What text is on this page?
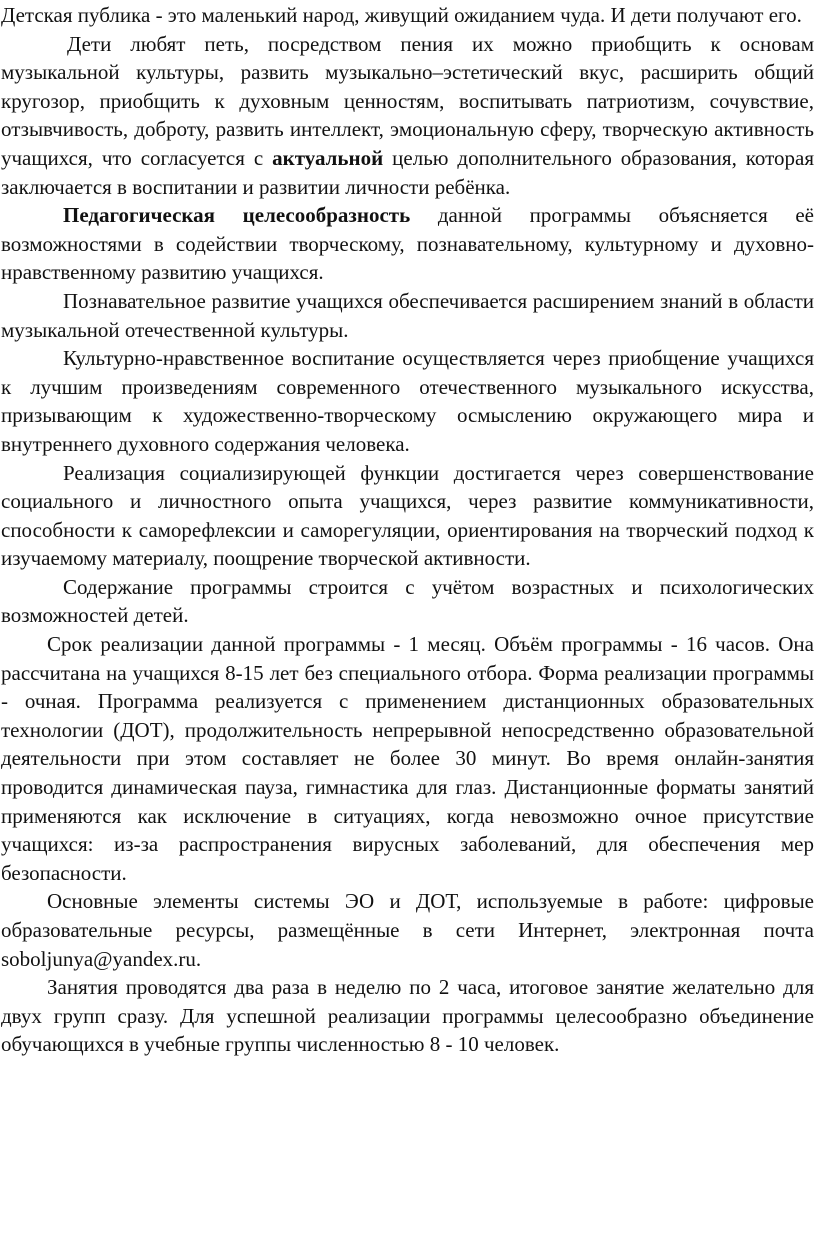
Детская публика - это маленький народ, живущий ожиданием чуда. И дети получают его.

Дети любят петь, посредством пения их можно приобщить к основам музыкальной культуры, развить музыкально–эстетический вкус, расширить общий кругозор, приобщить к духовным ценностям, воспитывать патриотизм, сочувствие, отзывчивость, доброту, развить интеллект, эмоциональную сферу, творческую активность учащихся, что согласуется с актуальной целью дополнительного образования, которая заключается в воспитании и развитии личности ребёнка.

Педагогическая целесообразность данной программы объясняется её возможностями в содействии творческому, познавательному, культурному и духовно-нравственному развитию учащихся.

Познавательное развитие учащихся обеспечивается расширением знаний в области музыкальной отечественной культуры.

Культурно-нравственное воспитание осуществляется через приобщение учащихся к лучшим произведениям современного отечественного музыкального искусства, призывающим к художественно-творческому осмыслению окружающего мира и внутреннего духовного содержания человека.

Реализация социализирующей функции достигается через совершенствование социального и личностного опыта учащихся, через развитие коммуникативности, способности к саморефлексии и саморегуляции, ориентирования на творческий подход к изучаемому материалу, поощрение творческой активности.

Содержание программы строится с учётом возрастных и психологических возможностей детей.

Срок реализации данной программы - 1 месяц. Объём программы - 16 часов. Она рассчитана на учащихся 8-15 лет без специального отбора. Форма реализации программы - очная. Программа реализуется с применением дистанционных образовательных технологии (ДОТ), продолжительность непрерывной непосредственно образовательной деятельности при этом составляет не более 30 минут. Во время онлайн-занятия проводится динамическая пауза, гимнастика для глаз. Дистанционные форматы занятий применяются как исключение в ситуациях, когда невозможно очное присутствие учащихся: из-за распространения вирусных заболеваний, для обеспечения мер безопасности.

Основные элементы системы ЭО и ДОТ, используемые в работе: цифровые образовательные ресурсы, размещённые в сети Интернет, электронная почта soboljunya@yandex.ru.

Занятия проводятся два раза в неделю по 2 часа, итоговое занятие желательно для двух групп сразу. Для успешной реализации программы целесообразно объединение обучающихся в учебные группы численностью 8 - 10 человек.
